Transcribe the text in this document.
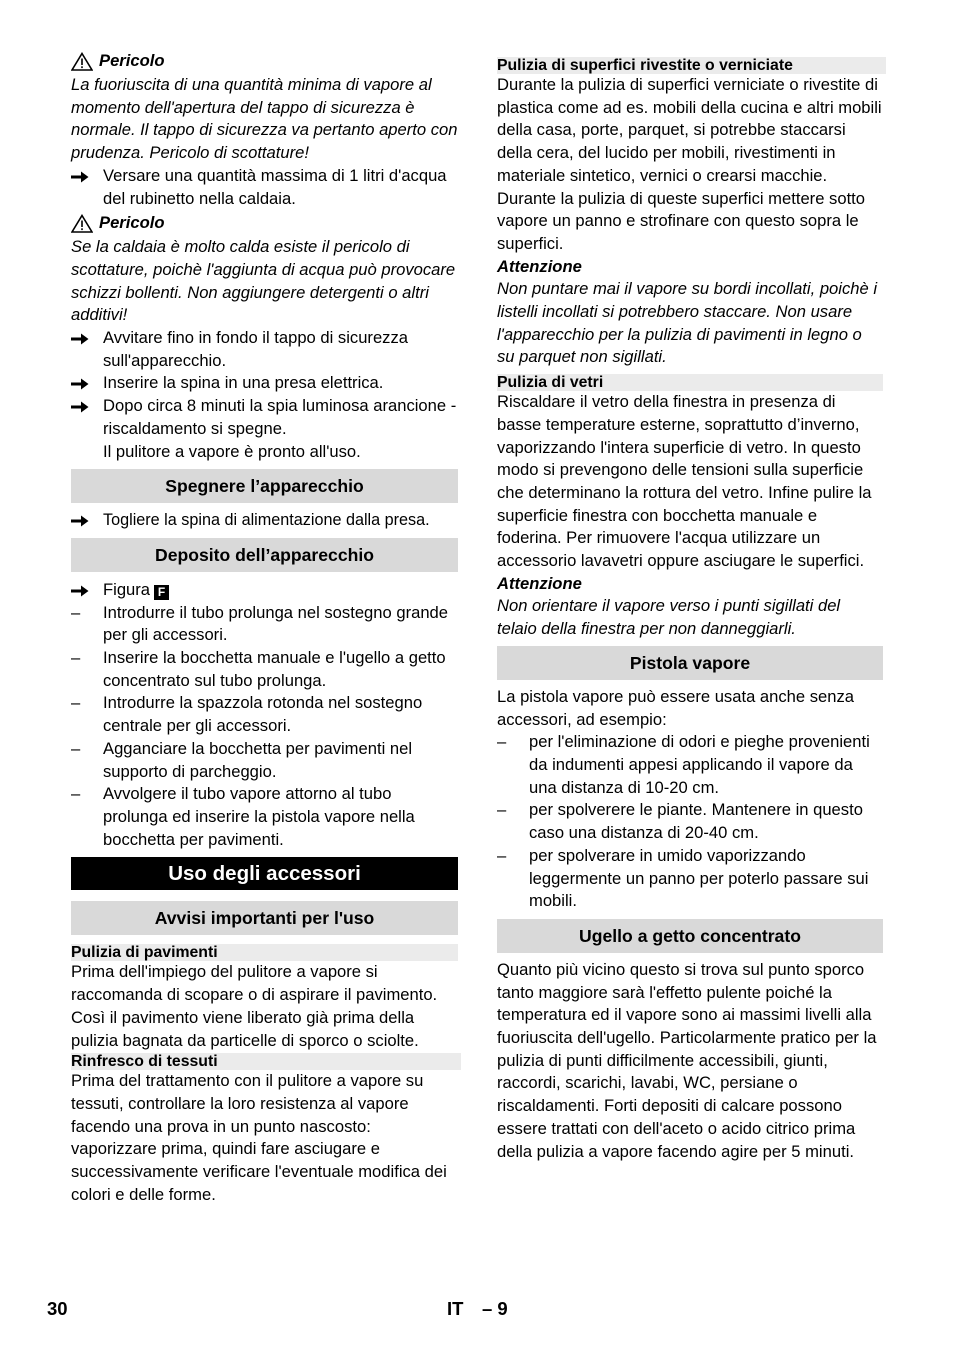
Pericolo

La fuoriuscita di una quantità minima di vapore al momento dell'apertura del tappo di sicurezza è normale. Il tappo di sicurezza va pertanto aperto con prudenza. Pericolo di scottature!

Versare una quantità massima di 1 litri d'acqua del rubinetto nella caldaia.
Pericolo

Se la caldaia è molto calda esiste il pericolo di scottature, poichè l'aggiunta di acqua può provocare schizzi bollenti. Non aggiungere detergenti o altri additivi!

Avvitare fino in fondo il tappo di sicurezza sull'apparecchio.
Inserire la spina in una presa elettrica.
Dopo circa 8 minuti la spia luminosa arancione - riscaldamento si spegne.
Il pulitore a vapore è pronto all'uso.
Spegnere l’apparecchio
Togliere la spina di alimentazione dalla presa.
Deposito dell’apparecchio
Figura F
–	Introdurre il tubo prolunga nel sostegno grande per gli accessori.
–	Inserire la bocchetta manuale e l'ugello a getto concentrato sul tubo prolunga.
–	Introdurre la spazzola rotonda nel sostegno centrale per gli accessori.
–	Agganciare la bocchetta per pavimenti nel supporto di parcheggio.
–	Avvolgere il tubo vapore attorno al tubo prolunga ed inserire la pistola vapore nella bocchetta per pavimenti.
Uso degli accessori
Avvisi importanti per l'uso
Pulizia di pavimenti

Prima dell'impiego del pulitore a vapore si raccomanda di scopare o di aspirare il pavimento. Così il pavimento viene liberato già prima della pulizia bagnata da particelle di sporco o sciolte.

Rinfresco di tessuti

Prima del trattamento con il pulitore a vapore su tessuti, controllare la loro resistenza al vapore facendo una prova in un punto nascosto: vaporizzare prima, quindi fare asciugare e successivamente verificare l'eventuale modifica dei colori e delle forme.

Pulizia di superfici rivestite o verniciate

Durante la pulizia di superfici verniciate o rivestite di plastica come ad es. mobili della cucina e altri mobili della casa, porte, parquet, si potrebbe staccarsi della cera, del lucido per mobili, rivestimenti in materiale sintetico, vernici o crearsi macchie. Durante la pulizia di queste superfici mettere sotto vapore un panno e strofinare con questo sopra le superfici.

Attenzione

Non puntare mai il vapore su bordi incollati, poichè i listelli incollati si potrebbero staccare. Non usare l'apparecchio per la pulizia di pavimenti in legno o su parquet non sigillati.

Pulizia di vetri

Riscaldare il vetro della finestra in presenza di basse temperature esterne, soprattutto d’inverno, vaporizzando l'intera superficie di vetro. In questo modo si prevengono delle tensioni sulla superficie che determinano la rottura del vetro. Infine pulire la superficie finestra con bocchetta manuale e foderina. Per rimuovere l'acqua utilizzare un accessorio lavavetri oppure asciugare le superfici.

Attenzione

Non orientare il vapore verso i punti sigillati del telaio della finestra per non danneggiarli.

Pistola vapore

La pistola vapore può essere usata anche senza accessori, ad esempio:

–	per l'eliminazione di odori e pieghe provenienti da indumenti appesi applicando il vapore da una distanza di 10-20 cm.
–	per spolverere le piante. Mantenere in questo caso una distanza di 20-40 cm.
–	per spolverare in umido vaporizzando leggermente un panno per poterlo passare sui mobili.
Ugello a getto concentrato

Quanto più vicino questo si trova sul punto sporco tanto maggiore sarà l'effetto pulente poiché la temperatura ed il vapore sono ai massimi livelli alla fuoriuscita dell'ugello. Particolarmente pratico per la pulizia di punti difficilmente accessibili, giunti, raccordi, scarichi, lavabi, WC, persiane o riscaldamenti. Forti depositi di calcare possono essere trattati con dell'aceto o acido citrico prima della pulizia a vapore facendo agire per 5 minuti.

30	IT – 9
